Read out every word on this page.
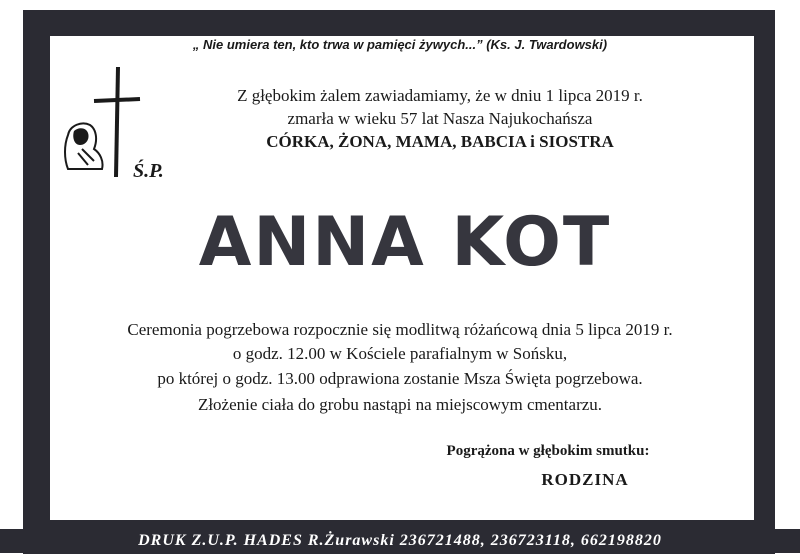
„ Nie umiera ten, kto trwa w pamięci żywych...” (Ks. J. Twardowski)
Ś.P.
Z głębokim żalem zawiadamiamy, że w dniu 1 lipca 2019 r.
zmarła w wieku 57 lat Nasza Najukochańsza
CÓRKA, ŻONA, MAMA, BABCIA i SIOSTRA
ANNA KOT
Ceremonia pogrzebowa rozpocznie się modlitwą różańcową dnia 5 lipca 2019 r.
o godz. 12.00 w Kościele parafialnym w Sońsku,
po której o godz. 13.00 odprawiona zostanie Msza Święta pogrzebowa.
Złożenie ciała do grobu nastąpi na miejscowym cmentarzu.
Pogrążona w głębokim smutku:
RODZINA
DRUK Z.U.P. HADES R.Żurawski 236721488, 236723118, 662198820
